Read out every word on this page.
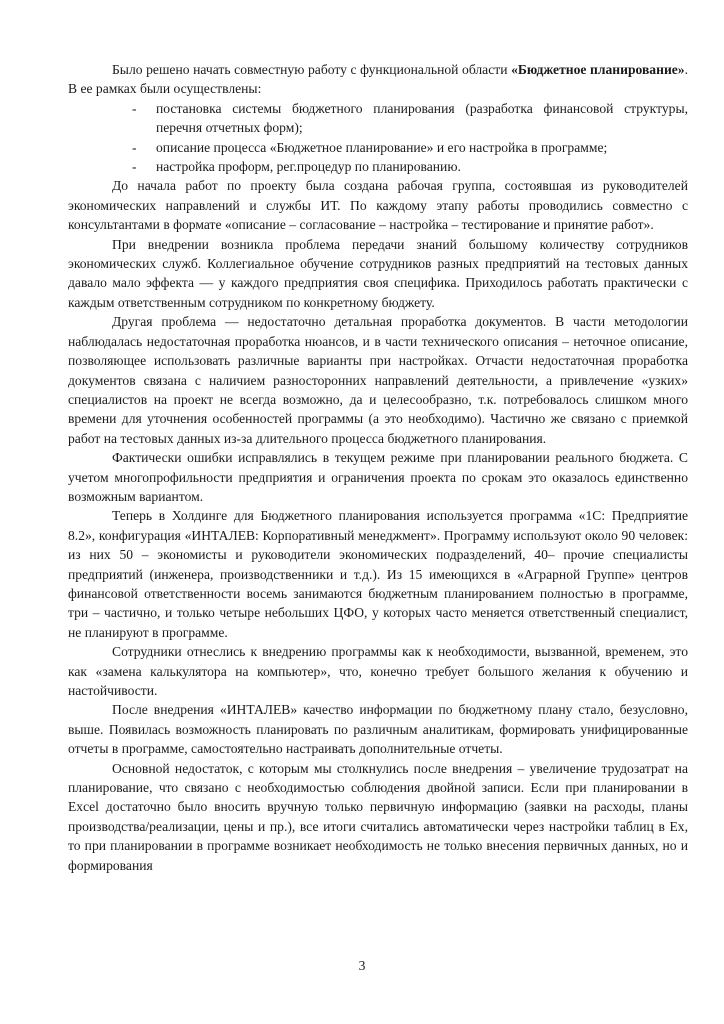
Было решено начать совместную работу с функциональной области «Бюджетное планирование». В ее рамках были осуществлены:

- постановка системы бюджетного планирования (разработка финансовой структуры, перечня отчетных форм);
- описание процесса «Бюджетное планирование» и его настройка в программе;
- настройка проформ, рег.процедур по планированию.

До начала работ по проекту была создана рабочая группа, состоявшая из руководителей экономических направлений и службы ИТ. По каждому этапу работы проводились совместно с консультантами в формате «описание – согласование – настройка – тестирование и принятие работ».

При внедрении возникла проблема передачи знаний большому количеству сотрудников экономических служб. Коллегиальное обучение сотрудников разных предприятий на тестовых данных давало мало эффекта — у каждого предприятия своя специфика. Приходилось работать практически с каждым ответственным сотрудником по конкретному бюджету.

Другая проблема — недостаточно детальная проработка документов. В части методологии наблюдалась недостаточная проработка нюансов, и в части технического описания – неточное описание, позволяющее использовать различные варианты при настройках. Отчасти недостаточная проработка документов связана с наличием разносторонних направлений деятельности, а привлечение «узких» специалистов на проект не всегда возможно, да и целесообразно, т.к. потребовалось слишком много времени для уточнения особенностей программы (а это необходимо). Частично же связано с приемкой работ на тестовых данных из-за длительного процесса бюджетного планирования.

Фактически ошибки исправлялись в текущем режиме при планировании реального бюджета. С учетом многопрофильности предприятия и ограничения проекта по срокам это оказалось единственно возможным вариантом.

Теперь в Холдинге для Бюджетного планирования используется программа «1С: Предприятие 8.2», конфигурация «ИНТАЛЕВ: Корпоративный менеджмент». Программу используют около 90 человек: из них 50 – экономисты и руководители экономических подразделений, 40– прочие специалисты предприятий (инженера, производственники и т.д.). Из 15 имеющихся в «Аграрной Группе» центров финансовой ответственности восемь занимаются бюджетным планированием полностью в программе, три – частично, и только четыре небольших ЦФО, у которых часто меняется ответственный специалист, не планируют в программе.

Сотрудники отнеслись к внедрению программы как к необходимости, вызванной, временем, это как «замена калькулятора на компьютер», что, конечно требует большого желания к обучению и настойчивости.

После внедрения «ИНТАЛЕВ» качество информации по бюджетному плану стало, безусловно, выше. Появилась возможность планировать по различным аналитикам, формировать унифицированные отчеты в программе, самостоятельно настраивать дополнительные отчеты.

Основной недостаток, с которым мы столкнулись после внедрения – увеличение трудозатрат на планирование, что связано с необходимостью соблюдения двойной записи. Если при планировании в Excel достаточно было вносить вручную только первичную информацию (заявки на расходы, планы производства/реализации, цены и пр.), все итоги считались автоматически через настройки таблиц в Ех, то при планировании в программе возникает необходимость не только внесения первичных данных, но и формирования

3
